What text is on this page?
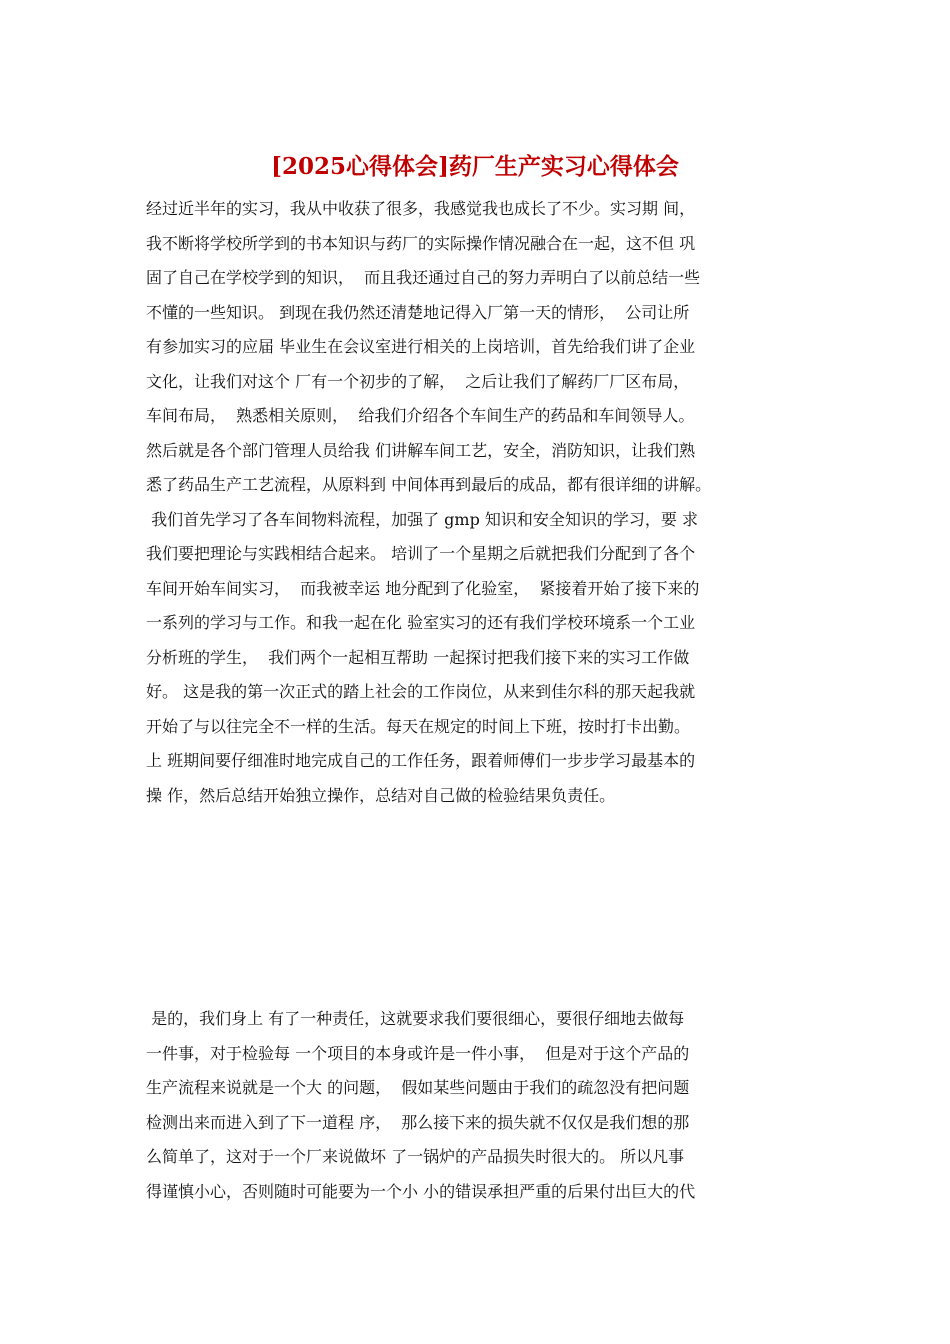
[2025心得体会]药厂生产实习心得体会
经过近半年的实习，我从中收获了很多，我感觉我也成长了不少。实习期 间，
我不断将学校所学到的书本知识与药厂的实际操作情况融合在一起，这不但 巩
固了自己在学校学到的知识，  而且我还通过自己的努力弄明白了以前总结一些
不懂的一些知识。 到现在我仍然还清楚地记得入厂第一天的情形，  公司让所
有参加实习的应届 毕业生在会议室进行相关的上岗培训，首先给我们讲了企业
文化，让我们对这个 厂有一个初步的了解，  之后让我们了解药厂厂区布局，
车间布局，  熟悉相关原则，  给我们介绍各个车间生产的药品和车间领导人。
然后就是各个部门管理人员给我 们讲解车间工艺，安全，消防知识，让我们熟
悉了药品生产工艺流程，从原料到 中间体再到最后的成品，都有很详细的讲解。
我们首先学习了各车间物料流程，加强了 gmp 知识和安全知识的学习，要 求
我们要把理论与实践相结合起来。 培训了一个星期之后就把我们分配到了各个
车间开始车间实习，  而我被幸运 地分配到了化验室，  紧接着开始了接下来的
一系列的学习与工作。和我一起在化 验室实习的还有我们学校环境系一个工业
分析班的学生，  我们两个一起相互帮助 一起探讨把我们接下来的实习工作做
好。 这是我的第一次正式的踏上社会的工作岗位，从来到佳尔科的那天起我就
开始了与以往完全不一样的生活。每天在规定的时间上下班，按时打卡出勤。
上 班期间要仔细准时地完成自己的工作任务，跟着师傅们一步步学习最基本的
操 作，然后总结开始独立操作，总结对自己做的检验结果负责任。
是的，我们身上 有了一种责任，这就要求我们要很细心，要很仔细地去做每
一件事，对于检验每 一个项目的本身或许是一件小事，  但是对于这个产品的
生产流程来说就是一个大 的问题，  假如某些问题由于我们的疏忽没有把问题
检测出来而进入到了下一道程 序，  那么接下来的损失就不仅仅是我们想的那
么简单了，这对于一个厂来说做坏 了一锅炉的产品损失时很大的。 所以凡事
得谨慎小心，否则随时可能要为一个小 小的错误承担严重的后果付出巨大的代
